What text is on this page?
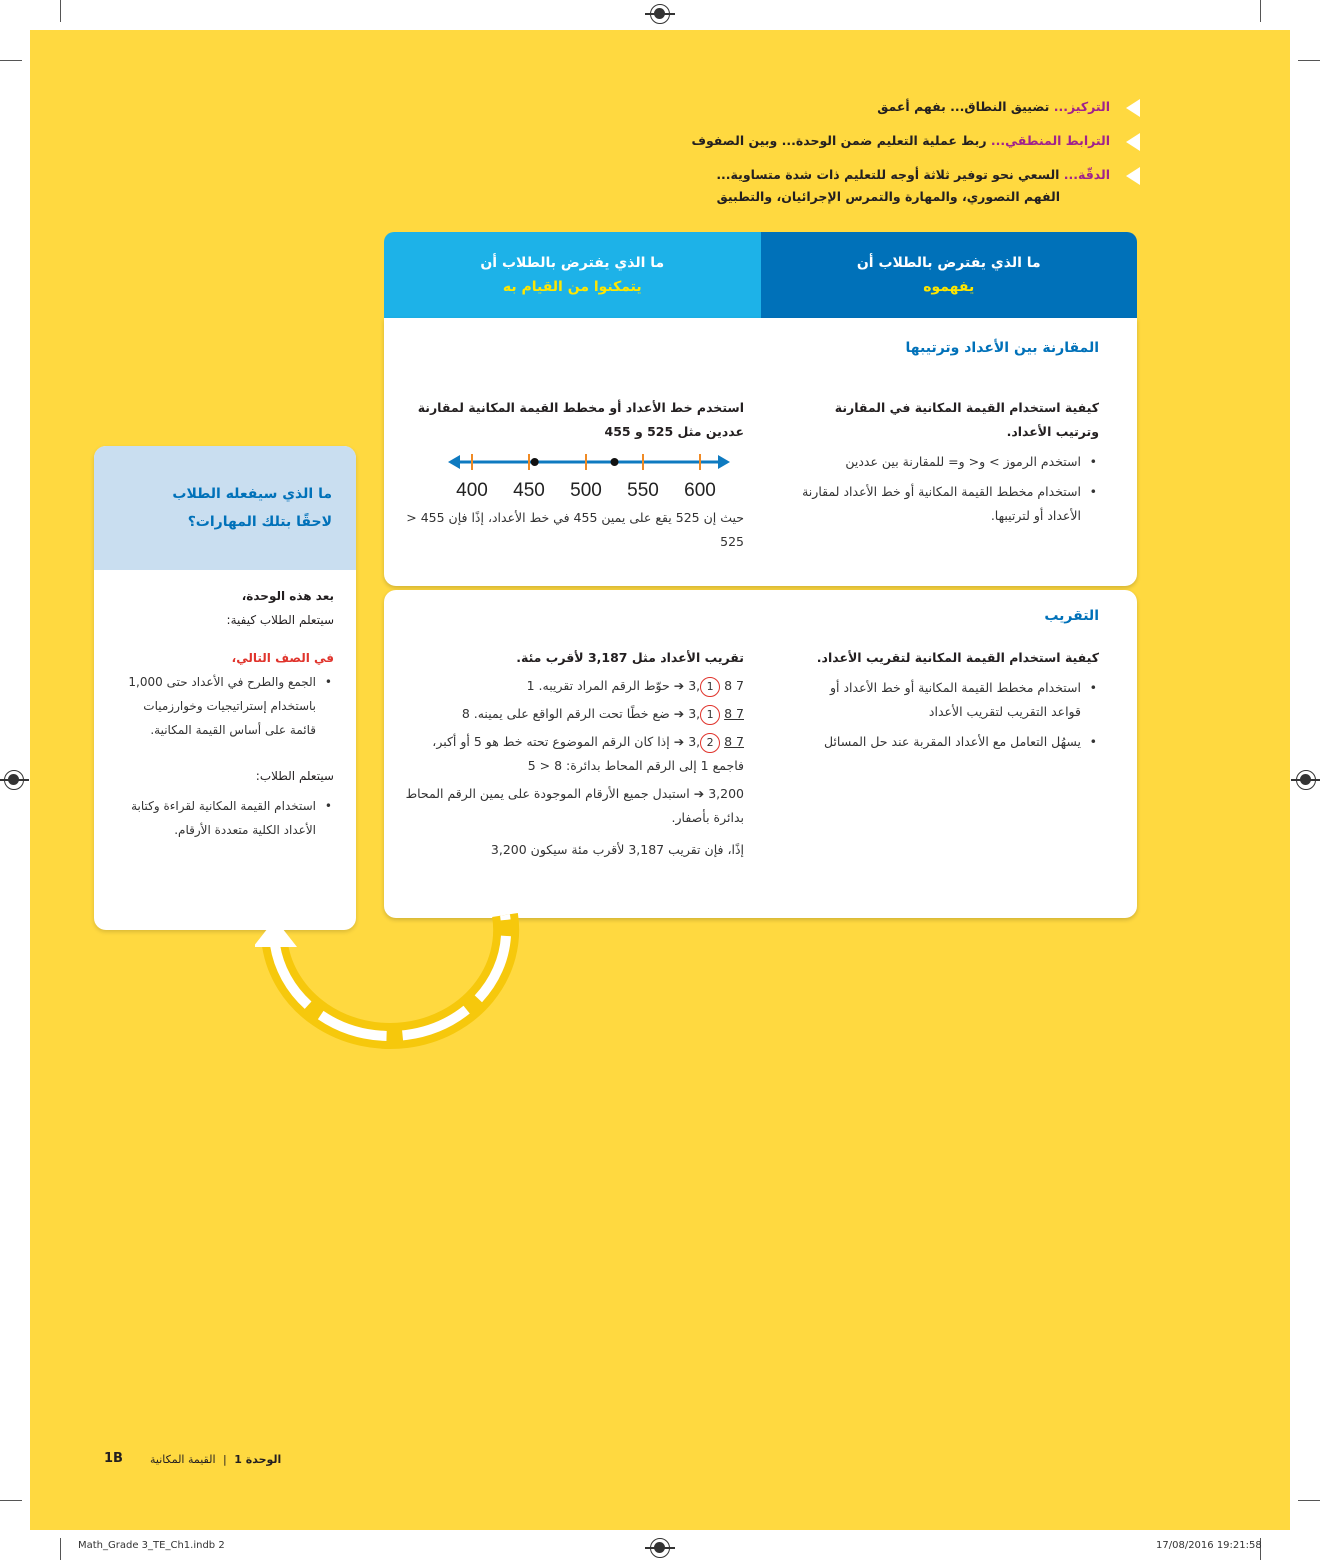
التركيز... تضييق النطاق... بفهم أعمق
الترابط المنطقي... ربط عملية التعليم ضمن الوحدة... وبين الصفوف
الدقّة... السعي نحو توفير ثلاثة أوجه للتعليم ذات شدة متساوية...
الفهم التصوري، والمهارة والتمرس الإجرائيان، والتطبيق
ما الذي يفترض بالطلاب أن
يتمكنوا من القيام به
ما الذي يفترض بالطلاب أن
يفهموه
المقارنة بين الأعداد وترتيبها
كيفية استخدام القيمة المكانية في المقارنة وترتيب الأعداد.
• استخدم الرموز > و< و= للمقارنة بين عددين
• استخدام مخطط القيمة المكانية أو خط الأعداد لمقارنة الأعداد أو لترتيبها.
استخدم خط الأعداد أو مخطط القيمة المكانية لمقارنة عددين مثل 525 و 455
400 450 500 550 600
حيث إن 525 يقع على يمين 455 في خط الأعداد، إذًا فإن 455 < 525
التقريب
كيفية استخدام القيمة المكانية لتقريب الأعداد.
• استخدام مخطط القيمة المكانية أو خط الأعداد أو قواعد التقريب لتقريب الأعداد
• يسهُل التعامل مع الأعداد المقربة عند حل المسائل
تقريب الأعداد مثل 3,187 لأقرب مئة.
3, 1 8 7 ➔ حوّط الرقم المراد تقريبه. 1
3, 1 8 7 ➔ ضع خطًا تحت الرقم الواقع على يمينه. 8
3, 2 8 7 ➔ إذا كان الرقم الموضوع تحته خط هو 5 أو أكبر، فاجمع 1 إلى الرقم المحاط بدائرة: 8 < 5
3,200 ➔ استبدل جميع الأرقام الموجودة على يمين الرقم المحاط بدائرة بأصفار.
إذًا، فإن تقريب 3,187 لأقرب مئة سيكون 3,200
ما الذي سيفعله الطلاب
لاحقًا بتلك المهارات؟
بعد هذه الوحدة،
سيتعلم الطلاب كيفية:
في الصف التالي،
• الجمع والطرح في الأعداد حتى 1,000 باستخدام إستراتيجيات وخوارزميات قائمة على أساس القيمة المكانية.
سيتعلم الطلاب:
• استخدام القيمة المكانية لقراءة وكتابة الأعداد الكلية متعددة الأرقام.
1B	الوحدة 1 | القيمة المكانية
Math_Grade 3_TE_Ch1.indb 2	17/08/2016 19:21:58
